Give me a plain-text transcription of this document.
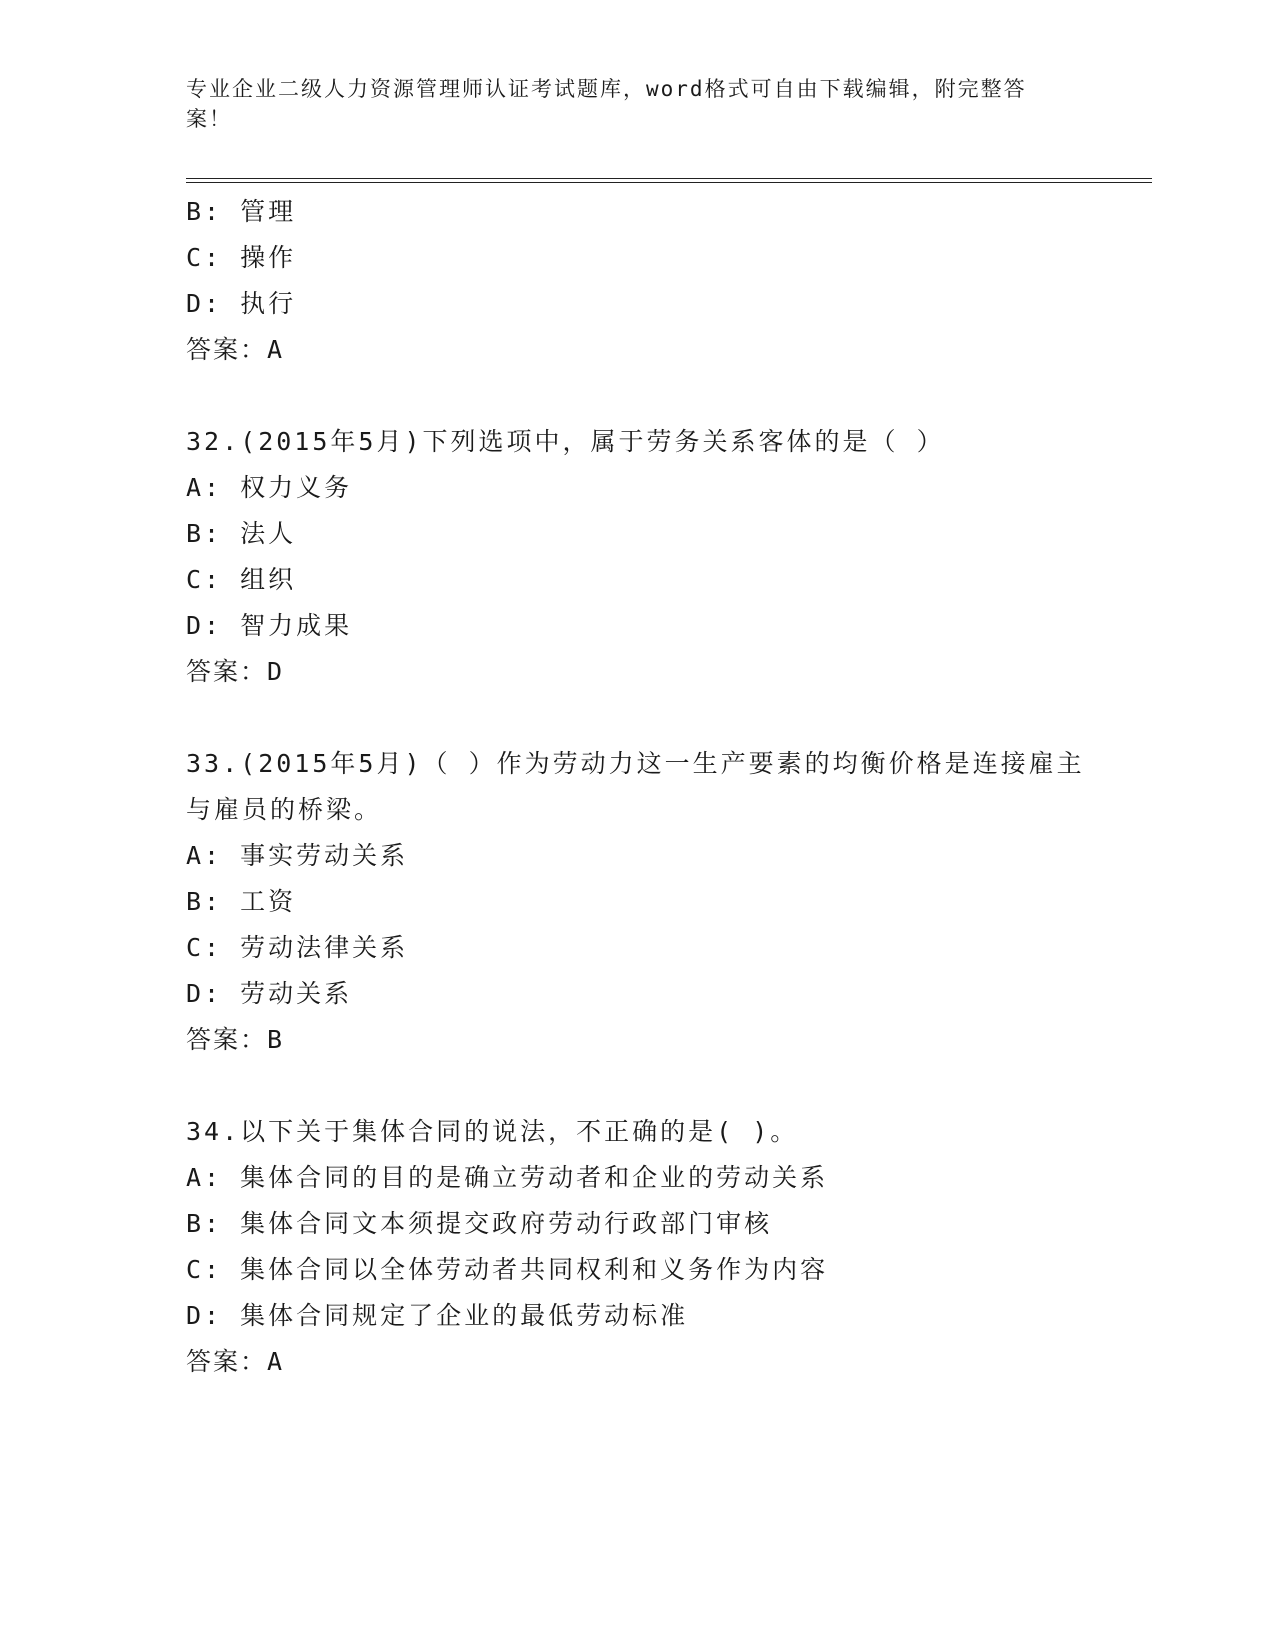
专业企业二级人力资源管理师认证考试题库，word格式可自由下载编辑，附完整答案！
B: 管理
C: 操作
D: 执行
答案：A
32.(2015年5月)下列选项中，属于劳务关系客体的是（ ）
A: 权力义务
B: 法人
C: 组织
D: 智力成果
答案：D
33.(2015年5月)（ ）作为劳动力这一生产要素的均衡价格是连接雇主与雇员的桥梁。
A: 事实劳动关系
B: 工资
C: 劳动法律关系
D: 劳动关系
答案：B
34.以下关于集体合同的说法，不正确的是( )。
A: 集体合同的目的是确立劳动者和企业的劳动关系
B: 集体合同文本须提交政府劳动行政部门审核
C: 集体合同以全体劳动者共同权利和义务作为内容
D: 集体合同规定了企业的最低劳动标准
答案：A
